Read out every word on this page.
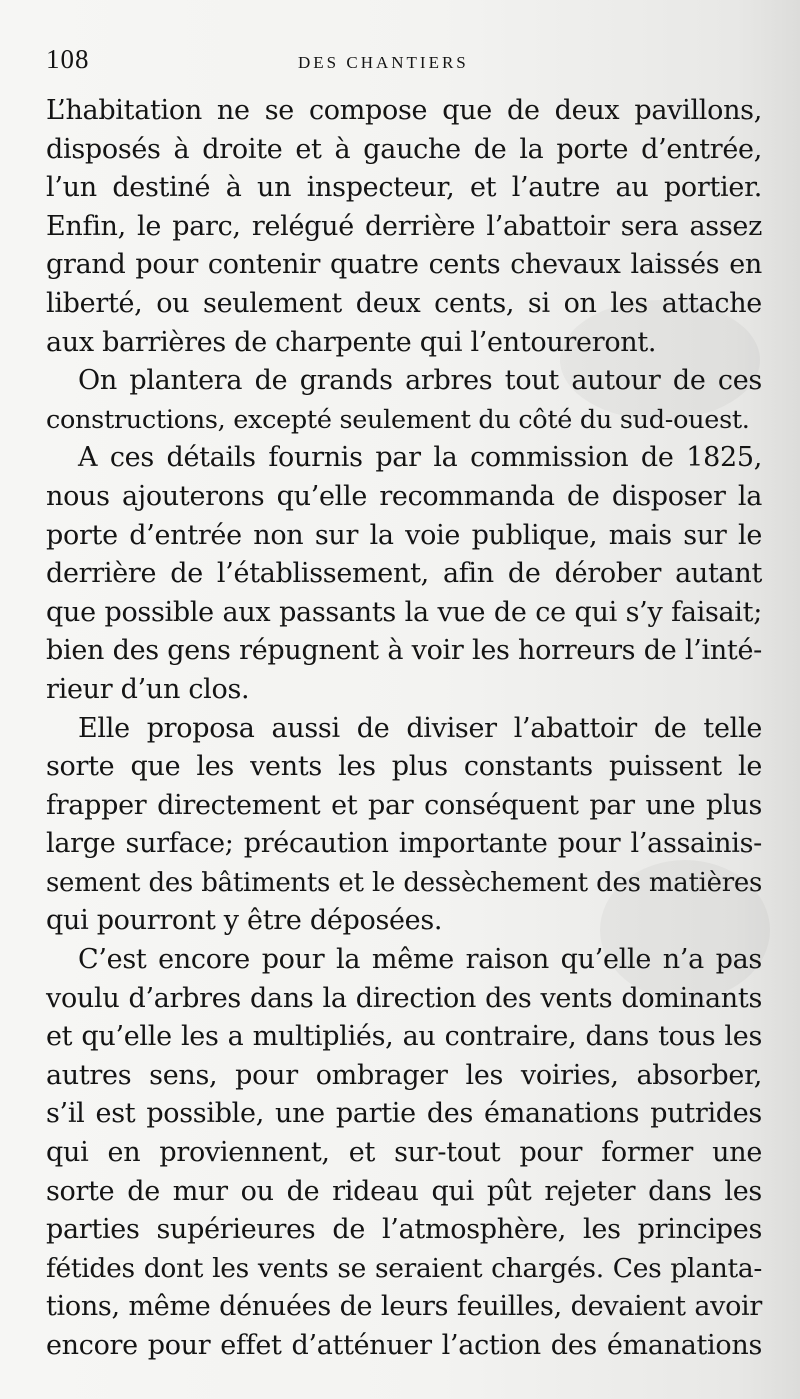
108	DES CHANTIERS
L’habitation ne se compose que de deux pavillons,
disposés à droite et à gauche de la porte d’entrée,
l’un destiné à un inspecteur, et l’autre au portier.
Enfin, le parc, relégué derrière l’abattoir sera assez
grand pour contenir quatre cents chevaux laissés en
liberté, ou seulement deux cents, si on les attache
aux barrières de charpente qui l’entoureront.
On plantera de grands arbres tout autour de ces
constructions, excepté seulement du côté du sud-ouest.
A ces détails fournis par la commission de 1825,
nous ajouterons qu’elle recommanda de disposer la
porte d’entrée non sur la voie publique, mais sur le
derrière de l’établissement, afin de dérober autant
que possible aux passants la vue de ce qui s’y faisait;
bien des gens répugnent à voir les horreurs de l’inté-
rieur d’un clos.
Elle proposa aussi de diviser l’abattoir de telle
sorte que les vents les plus constants puissent le
frapper directement et par conséquent par une plus
large surface; précaution importante pour l’assainis-
sement des bâtiments et le dessèchement des matières
qui pourront y être déposées.
C’est encore pour la même raison qu’elle n’a pas
voulu d’arbres dans la direction des vents dominants
et qu’elle les a multipliés, au contraire, dans tous les
autres sens, pour ombrager les voiries, absorber,
s’il est possible, une partie des émanations putrides
qui en proviennent, et sur-tout pour former une
sorte de mur ou de rideau qui pût rejeter dans les
parties supérieures de l’atmosphère, les principes
fétides dont les vents se seraient chargés. Ces planta-
tions, même dénuées de leurs feuilles, devaient avoir
encore pour effet d’atténuer l’action des émanations
